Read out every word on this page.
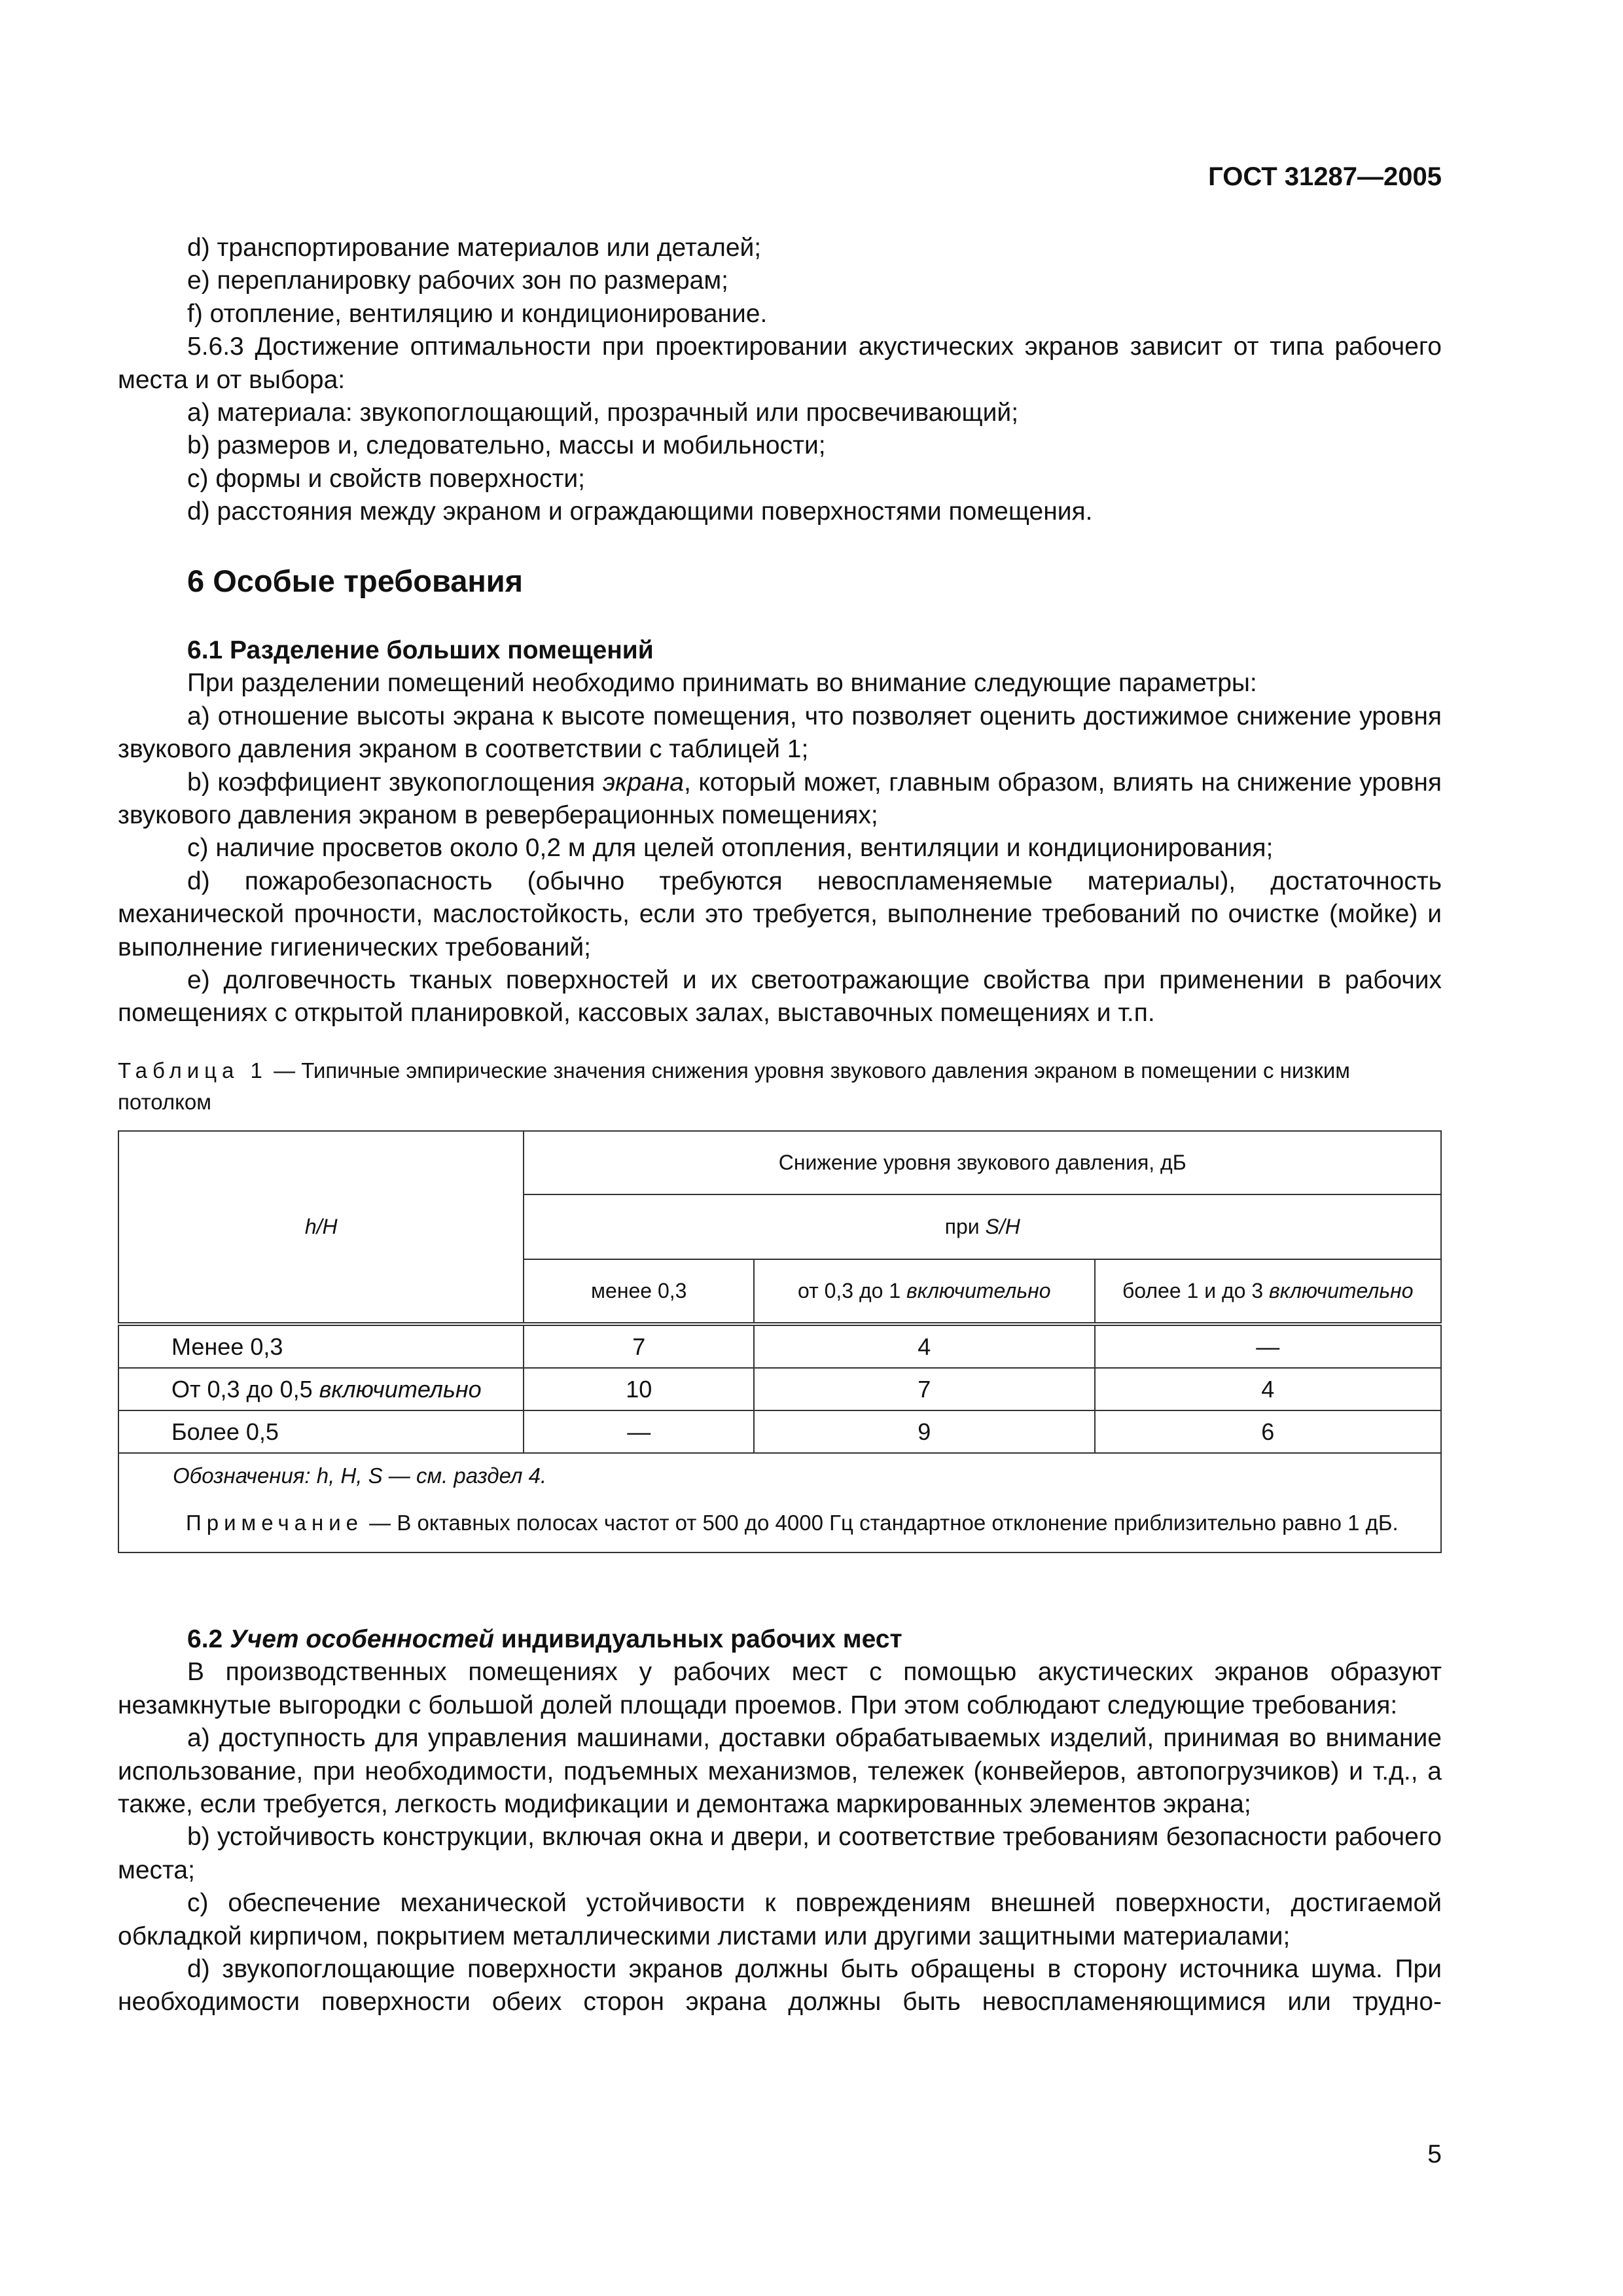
ГОСТ 31287—2005
d) транспортирование материалов или деталей;
e) перепланировку рабочих зон по размерам;
f) отопление, вентиляцию и кондиционирование.
5.6.3 Достижение оптимальности при проектировании акустических экранов зависит от типа рабочего места и от выбора:
a) материала: звукопоглощающий, прозрачный или просвечивающий;
b) размеров и, следовательно, массы и мобильности;
c) формы и свойств поверхности;
d) расстояния между экраном и ограждающими поверхностями помещения.
6 Особые требования
6.1 Разделение больших помещений
При разделении помещений необходимо принимать во внимание следующие параметры:
a) отношение высоты экрана к высоте помещения, что позволяет оценить достижимое снижение уровня звукового давления экраном в соответствии с таблицей 1;
b) коэффициент звукопоглощения экрана, который может, главным образом, влиять на снижение уровня звукового давления экраном в реверберационных помещениях;
c) наличие просветов около 0,2 м для целей отопления, вентиляции и кондиционирования;
d) пожаробезопасность (обычно требуются невоспламеняемые материалы), достаточность механической прочности, маслостойкость, если это требуется, выполнение требований по очистке (мойке) и выполнение гигиенических требований;
e) долговечность тканых поверхностей и их светоотражающие свойства при применении в рабочих помещениях с открытой планировкой, кассовых залах, выставочных помещениях и т.п.
Таблица 1 — Типичные эмпирические значения снижения уровня звукового давления экраном в помещении с низким потолком
h/H	Снижение уровня звукового давления, дБ		
	при S/H		
	менее 0,3	от 0,3 до 1 включительно	более 1 и до 3 включительно
Менее 0,3	7	4	—
От 0,3 до 0,5 включительно	10	7	4
Более 0,5	—	9	6

Обозначения: h, H, S — см. раздел 4.
Примечание — В октавных полосах частот от 500 до 4000 Гц стандартное отклонение приблизительно равно 1 дБ.			
6.2 Учет особенностей индивидуальных рабочих мест
В производственных помещениях у рабочих мест с помощью акустических экранов образуют незамкнутые выгородки с большой долей площади проемов. При этом соблюдают следующие требования:
a) доступность для управления машинами, доставки обрабатываемых изделий, принимая во внимание использование, при необходимости, подъемных механизмов, тележек (конвейеров, автопогрузчиков) и т.д., а также, если требуется, легкость модификации и демонтажа маркированных элементов экрана;
b) устойчивость конструкции, включая окна и двери, и соответствие требованиям безопасности рабочего места;
c) обеспечение механической устойчивости к повреждениям внешней поверхности, достигаемой обкладкой кирпичом, покрытием металлическими листами или другими защитными материалами;
d) звукопоглощающие поверхности экранов должны быть обращены в сторону источника шума. При необходимости поверхности обеих сторон экрана должны быть невоспламеняющимися или трудно-
5
